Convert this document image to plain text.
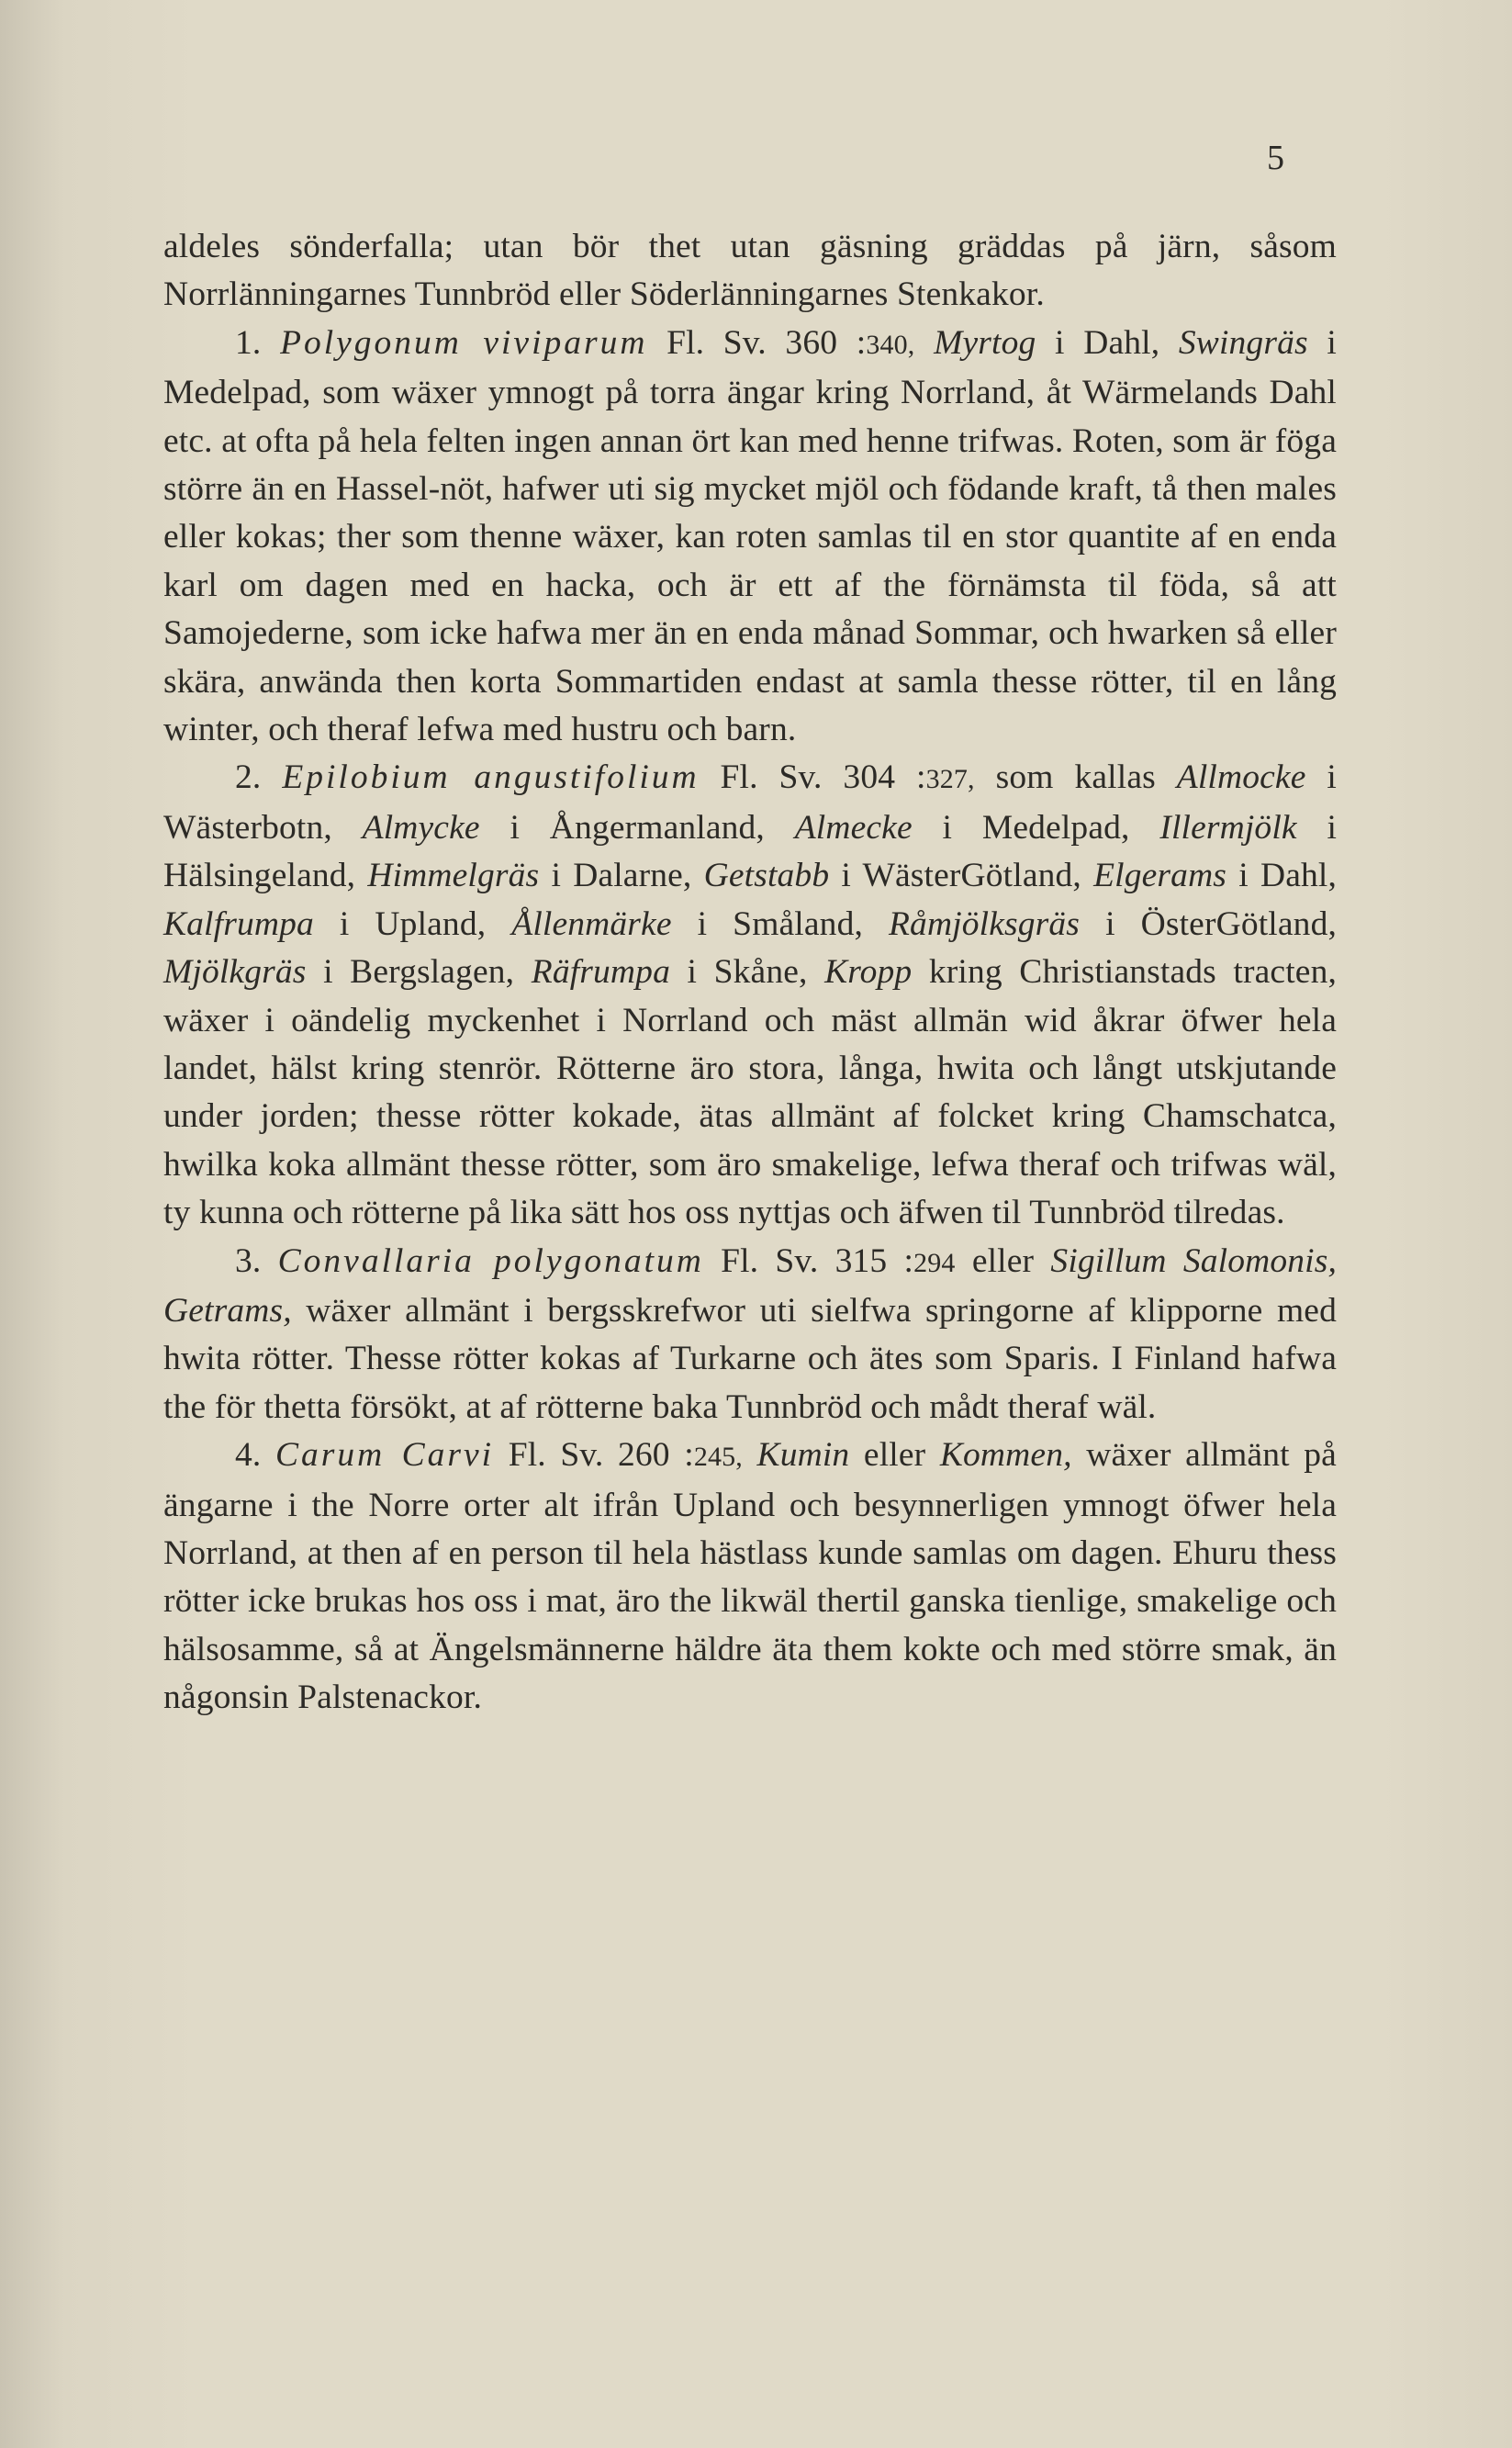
5

aldeles sönderfalla; utan bör thet utan gäsning gräddas på järn, såsom Norrlänningarnes Tunnbröd eller Söderlänningarnes Stenkakor.

1. Polygonum viviparum Fl. Sv. 360 :340, Myrtog i Dahl, Swingräs i Medelpad, som wäxer ymnogt på torra ängar kring Norrland, åt Wärmelands Dahl etc. at ofta på hela felten ingen annan ört kan med henne trifwas. Roten, som är föga större än en Hassel-nöt, hafwer uti sig mycket mjöl och födande kraft, tå then males eller kokas; ther som thenne wäxer, kan roten samlas til en stor quantite af en enda karl om dagen med en hacka, och är ett af the förnämsta til föda, så att Samojederne, som icke hafwa mer än en enda månad Sommar, och hwarken så eller skära, anwända then korta Sommartiden endast at samla thesse rötter, til en lång winter, och theraf lefwa med hustru och barn.

2. Epilobium angustifolium Fl. Sv. 304 :327, som kallas Allmocke i Wästerbotn, Almycke i Ångermanland, Almecke i Medelpad, Illermjölk i Hälsingeland, Himmelgräs i Dalarne, Getstabb i WästerGötland, Elgerams i Dahl, Kalfrumpa i Upland, Ållenmärke i Småland, Råmjölksgräs i ÖsterGötland, Mjölkgräs i Bergslagen, Räfrumpa i Skåne, Kropp kring Christianstads tracten, wäxer i oändelig myckenhet i Norrland och mäst allmän wid åkrar öfwer hela landet, hälst kring stenrör. Rötterne äro stora, långa, hwita och långt utskjutande under jorden; thesse rötter kokade, ätas allmänt af folcket kring Chamschatca, hwilka koka allmänt thesse rötter, som äro smakelige, lefwa theraf och trifwas wäl, ty kunna och rötterne på lika sätt hos oss nyttjas och äfwen til Tunnbröd tilredas.

3. Convallaria polygonatum Fl. Sv. 315 :294 eller Sigillum Salomonis, Getrams, wäxer allmänt i bergsskrefwor uti sielfwa springorne af klipporne med hwita rötter. Thesse rötter kokas af Turkarne och ätes som Sparis. I Finland hafwa the för thetta försökt, at af rötterne baka Tunnbröd och mådt theraf wäl.

4. Carum Carvi Fl. Sv. 260 :245, Kumin eller Kommen, wäxer allmänt på ängarne i the Norre orter alt ifrån Upland och besynnerligen ymnogt öfwer hela Norrland, at then af en person til hela hästlass kunde samlas om dagen. Ehuru thess rötter icke brukas hos oss i mat, äro the likwäl thertil ganska tienlige, smakelige och hälsosamme, så at Ängelsmännerne häldre äta them kokte och med större smak, än någonsin Palstenackor.
